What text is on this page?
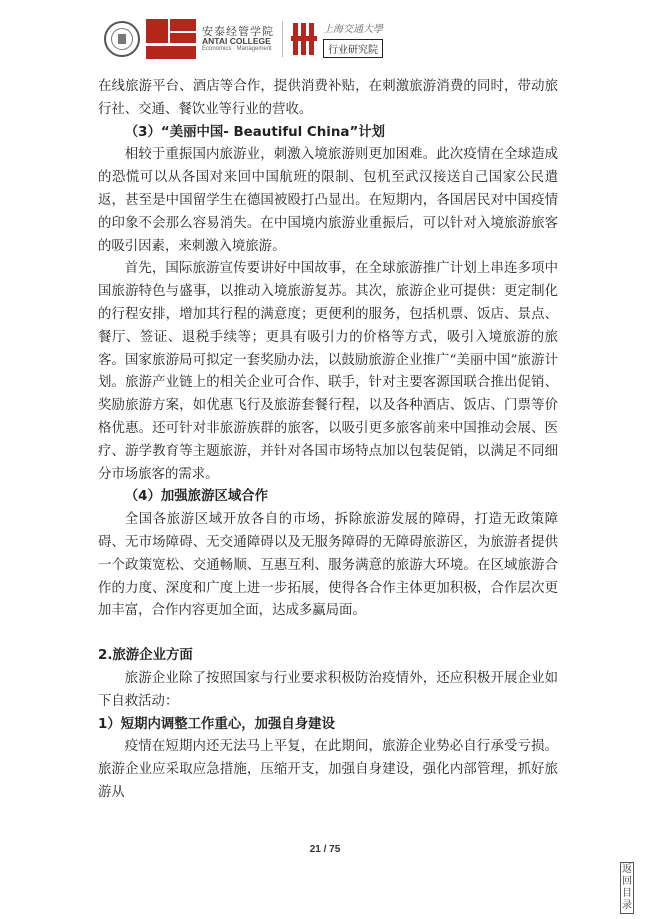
安泰经管学院
ANTAI COLLEGE
Economics · Management
上海交通大學
行业研究院

在线旅游平台、酒店等合作，提供消费补贴，在刺激旅游消费的同时，带动旅行社、交通、餐饮业等行业的营收。

（3）“美丽中国- Beautiful China”计划

相较于重振国内旅游业，刺激入境旅游则更加困难。此次疫情在全球造成的恐慌可以从各国对来回中国航班的限制、包机至武汉接送自己国家公民遣返，甚至是中国留学生在德国被殴打凸显出。在短期内，各国居民对中国疫情的印象不会那么容易消失。在中国境内旅游业重振后，可以针对入境旅游旅客的吸引因素，来刺激入境旅游。

首先，国际旅游宣传要讲好中国故事，在全球旅游推广计划上串连多项中国旅游特色与盛事，以推动入境旅游复苏。其次，旅游企业可提供：更定制化的行程安排，增加其行程的满意度；更便利的服务，包括机票、饭店、景点、餐厅、签证、退税手续等；更具有吸引力的价格等方式，吸引入境旅游的旅客。国家旅游局可拟定一套奖励办法，以鼓励旅游企业推广“美丽中国”旅游计划。旅游产业链上的相关企业可合作、联手，针对主要客源国联合推出促销、奖励旅游方案，如优惠飞行及旅游套餐行程，以及各种酒店、饭店、门票等价格优惠。还可针对非旅游族群的旅客，以吸引更多旅客前来中国推动会展、医疗、游学教育等主题旅游，并针对各国市场特点加以包装促销，以满足不同细分市场旅客的需求。

（4）加强旅游区域合作

全国各旅游区域开放各自的市场，拆除旅游发展的障碍，打造无政策障碍、无市场障碍、无交通障碍以及无服务障碍的无障碍旅游区，为旅游者提供一个政策宽松、交通畅顺、互惠互利、服务满意的旅游大环境。在区域旅游合作的力度、深度和广度上进一步拓展，使得各合作主体更加积极，合作层次更加丰富，合作内容更加全面，达成多赢局面。

2.旅游企业方面

旅游企业除了按照国家与行业要求积极防治疫情外，还应积极开展企业如下自救活动：

1）短期内调整工作重心，加强自身建设

疫情在短期内还无法马上平复，在此期间，旅游企业势必自行承受亏损。旅游企业应采取应急措施，压缩开支，加强自身建设，强化内部管理，抓好旅游从

21 / 75
返回目录
